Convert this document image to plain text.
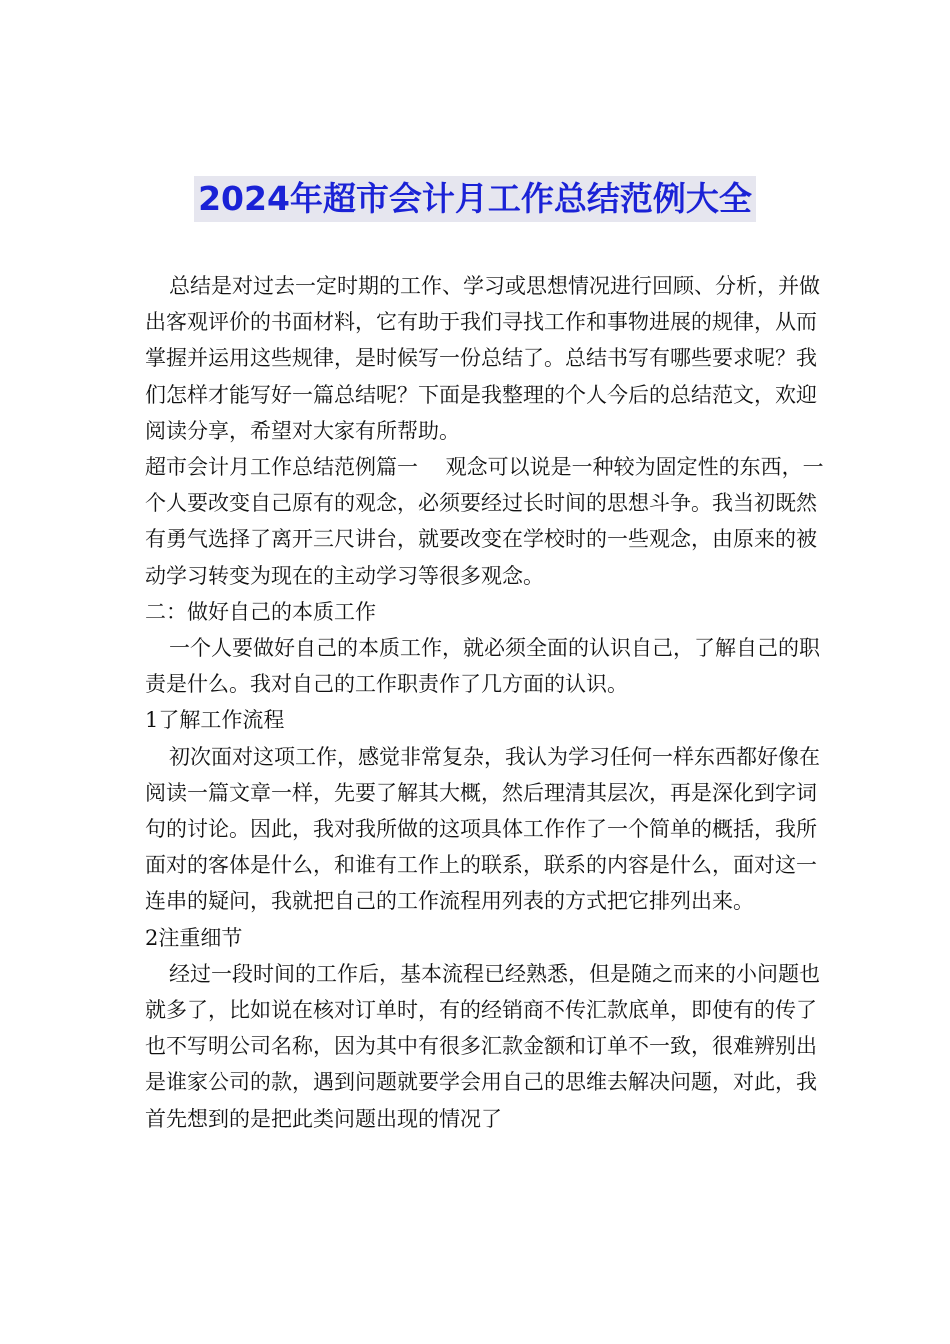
2024年超市会计月工作总结范例大全

总结是对过去一定时期的工作、学习或思想情况进行回顾、分析，并做出客观评价的书面材料，它有助于我们寻找工作和事物进展的规律，从而掌握并运用这些规律，是时候写一份总结了。总结书写有哪些要求呢？我们怎样才能写好一篇总结呢？下面是我整理的个人今后的总结范文，欢迎阅读分享，希望对大家有所帮助。

超市会计月工作总结范例篇一　 观念可以说是一种较为固定性的东西，一个人要改变自己原有的观念，必须要经过长时间的思想斗争。我当初既然有勇气选择了离开三尺讲台，就要改变在学校时的一些观念，由原来的被动学习转变为现在的主动学习等很多观念。

二：做好自己的本质工作

一个人要做好自己的本质工作，就必须全面的认识自己，了解自己的职责是什么。我对自己的工作职责作了几方面的认识。

1了解工作流程

初次面对这项工作，感觉非常复杂，我认为学习任何一样东西都好像在阅读一篇文章一样，先要了解其大概，然后理清其层次，再是深化到字词句的讨论。因此，我对我所做的这项具体工作作了一个简单的概括，我所面对的客体是什么，和谁有工作上的联系，联系的内容是什么，面对这一连串的疑问，我就把自己的工作流程用列表的方式把它排列出来。

2注重细节

经过一段时间的工作后，基本流程已经熟悉，但是随之而来的小问题也就多了，比如说在核对订单时，有的经销商不传汇款底单，即使有的传了也不写明公司名称，因为其中有很多汇款金额和订单不一致，很难辨别出是谁家公司的款，遇到问题就要学会用自己的思维去解决问题，对此，我首先想到的是把此类问题出现的情况了
